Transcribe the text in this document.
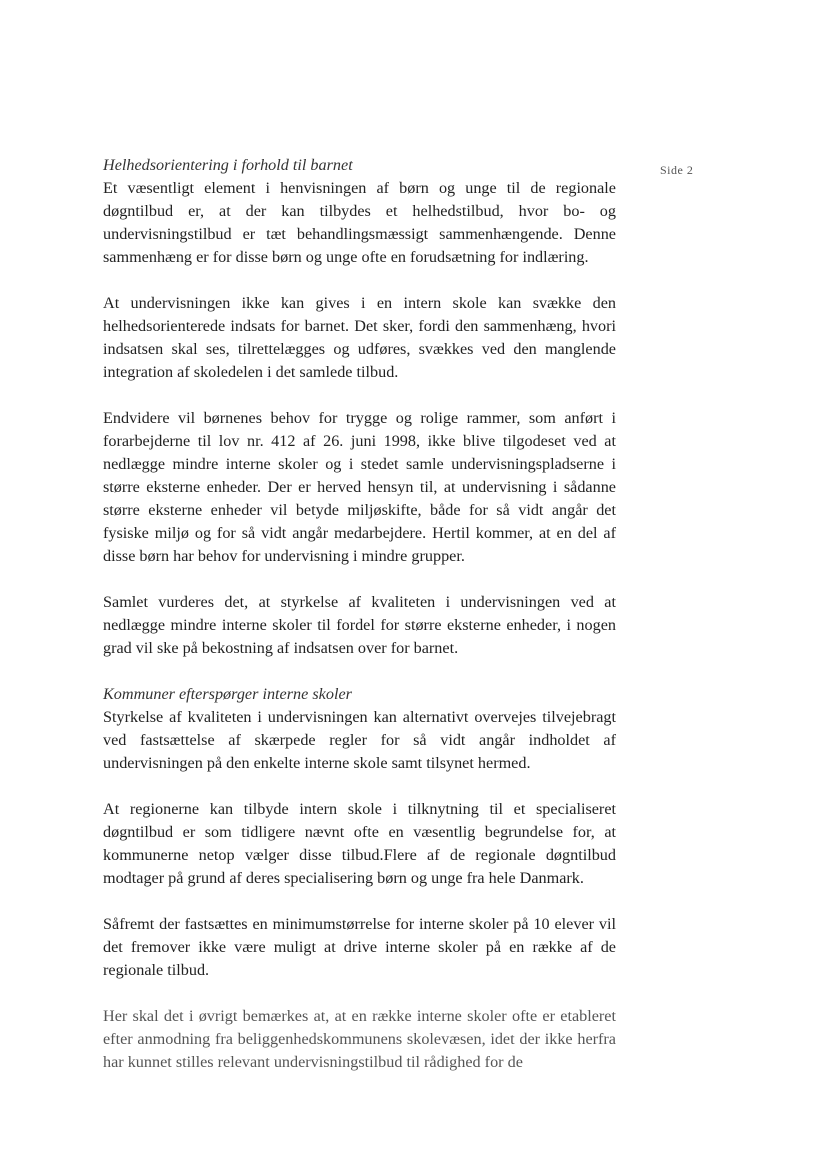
Side 2

Helhedsorientering i forhold til barnet

Et væsentligt element i henvisningen af børn og unge til de regionale døgntilbud er, at der kan tilbydes et helhedstilbud, hvor bo- og undervisningstilbud er tæt behandlingsmæssigt sammenhængende. Denne sammenhæng er for disse børn og unge ofte en forudsætning for indlæring.

At undervisningen ikke kan gives i en intern skole kan svække den helhedsorienterede indsats for barnet. Det sker, fordi den sammenhæng, hvori indsatsen skal ses, tilrettelægges og udføres, svækkes ved den manglende integration af skoledelen i det samlede tilbud.

Endvidere vil børnenes behov for trygge og rolige rammer, som anført i forarbejderne til lov nr. 412 af 26. juni 1998, ikke blive tilgodeset ved at nedlægge mindre interne skoler og i stedet samle undervisningspladserne i større eksterne enheder. Der er herved hensyn til, at undervisning i sådanne større eksterne enheder vil betyde miljøskifte, både for så vidt angår det fysiske miljø og for så vidt angår medarbejdere. Hertil kommer, at en del af disse børn har behov for undervisning i mindre grupper.

Samlet vurderes det, at styrkelse af kvaliteten i undervisningen ved at nedlægge mindre interne skoler til fordel for større eksterne enheder, i nogen grad vil ske på bekostning af indsatsen over for barnet.

Kommuner efterspørger interne skoler

Styrkelse af kvaliteten i undervisningen kan alternativt overvejes tilvejebragt ved fastsættelse af skærpede regler for så vidt angår indholdet af undervisningen på den enkelte interne skole samt tilsynet hermed.

At regionerne kan tilbyde intern skole i tilknytning til et specialiseret døgntilbud er som tidligere nævnt ofte en væsentlig begrundelse for, at kommunerne netop vælger disse tilbud.Flere af de regionale døgntilbud modtager på grund af deres specialisering børn og unge fra hele Danmark.

Såfremt der fastsættes en minimumstørrelse for interne skoler på 10 elever vil det fremover ikke være muligt at drive interne skoler på en række af de regionale tilbud.

Her skal det i øvrigt bemærkes at, at en række interne skoler ofte er etableret efter anmodning fra beliggenhedskommunens skolevæsen, idet der ikke herfra har kunnet stilles relevant undervisningstilbud til rådighed for de
